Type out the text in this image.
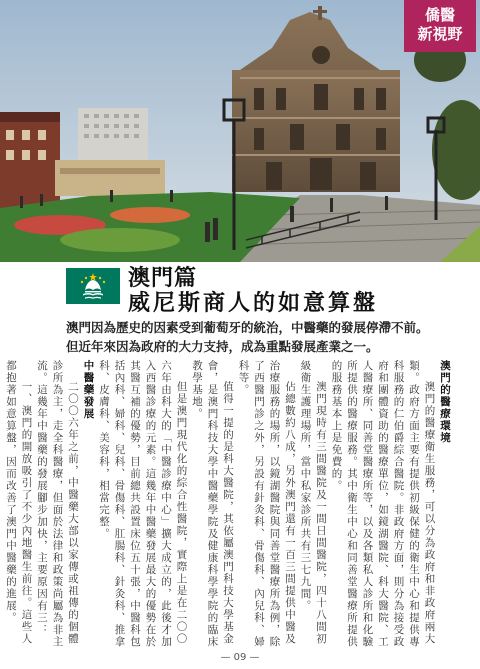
僑醫
新視野
澳門篇
威尼斯商人的如意算盤

澳門因為歷史的因素受到葡萄牙的統治，中醫藥的發展停滯不前。

但近年來因為政府的大力支持，成為重點發展產業之一。

澳門的醫療環境

澳門的醫療衛生服務，可以分為政府和非政府兩大類。政府方面主要有提供初級保健的衛生中心和提供專科服務的仁伯爵綜合醫院。非政府方面，則分為接受政府和團體資助的醫療單位，如鏡湖醫院、科大醫院、工人醫療所、同善堂醫療所等，以及各類私人診所和化驗所提供的醫療服務。其中衛生中心和同善堂醫療所提供的服務基本上是免費的。

澳門現時有三間醫院及一間日間醫院，四十八間初級衛生護理場所，當中私家診所共有三七九間。

佔總數約八成，另外澳門還有一百三間提供中醫及治療服務的場所，以鏡湖醫院與同善堂醫療所為例，除了西醫門診之外，另設有針灸科、骨傷科、內兒科、婦科等。

值得一提的是科大醫院，其依屬澳門科技大學基金會，是澳門科技大學中醫藥學院及健康科學學院的臨床教學基地。

但是澳門現代化的綜合性醫院，實際上是在二〇〇六年由科大的「中醫診療中心」擴大成立的，此後才加入西醫診療的元素。這幾年中醫藥發展最大的優勢在於其醫互補的優勢，目前總共設置床位五十張，中醫科包括內科、婦科、兒科、骨傷科、肛腸科、針灸科、推拿科、皮膚科、美容科，相當完整。

中醫藥發展

二〇〇六年之前，中醫藥大部以家傳或祖傳的個體診所為主，走全科醫療，但面於法律和政策尚屬為非主流。這幾年中醫藥的發展腳步加快，主要原因有三：

一、澳門的開放吸引了不少內地醫生前往。這些人都抱著如意算盤，因而改善了澳門中醫藥的進展。

— 09 —
